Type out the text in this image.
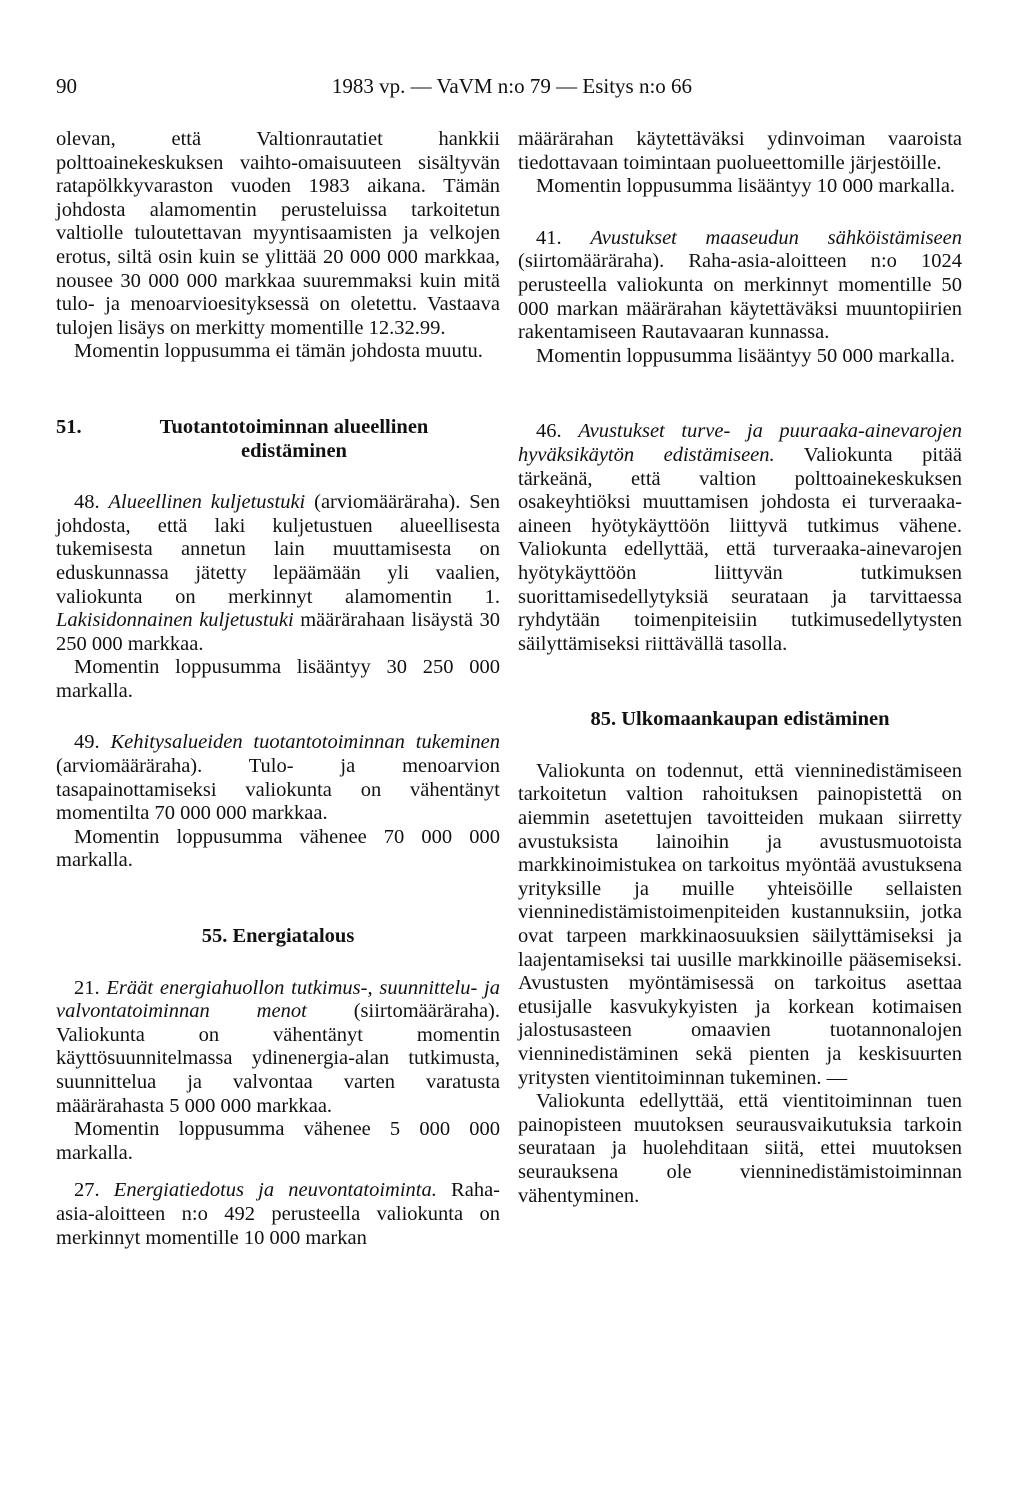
90	1983 vp. — VaVM n:o 79 — Esitys n:o 66

olevan, että Valtionrautatiet hankkii polttoainekeskuksen vaihto-omaisuuteen sisältyvän ratapölkkyvaraston vuoden 1983 aikana. Tämän johdosta alamomentin perusteluissa tarkoitetun valtiolle tuloutettavan myyntisaamisten ja velkojen erotus, siltä osin kuin se ylittää 20 000 000 markkaa, nousee 30 000 000 markkaa suuremmaksi kuin mitä tulo- ja menoarvioesityksessä on oletettu. Vastaava tulojen lisäys on merkitty momentille 12.32.99.

Momentin loppusumma ei tämän johdosta muutu.

51.	Tuotantotoiminnan alueellinen edistäminen

48. Alueellinen kuljetustuki (arviomääräraha). Sen johdosta, että laki kuljetustuen alueellisesta tukemisesta annetun lain muuttamisesta on eduskunnassa jätetty lepäämään yli vaalien, valiokunta on merkinnyt alamomentin 1. Lakisidonnainen kuljetustuki määrärahaan lisäystä 30 250 000 markkaa.

Momentin loppusumma lisääntyy 30 250 000 markalla.

49. Kehitysalueiden tuotantotoiminnan tukeminen (arviomääräraha). Tulo- ja menoarvion tasapainottamiseksi valiokunta on vähentänyt momentilta 70 000 000 markkaa.

Momentin loppusumma vähenee 70 000 000 markalla.

55. Energiatalous

21. Eräät energiahuollon tutkimus-, suunnittelu- ja valvontatoiminnan menot (siirtomääräraha). Valiokunta on vähentänyt momentin käyttösuunnitelmassa ydinenergia-alan tutkimusta, suunnittelua ja valvontaa varten varatusta määrärahasta 5 000 000 markkaa.

Momentin loppusumma vähenee 5 000 000 markalla.

27. Energiatiedotus ja neuvontatoiminta. Raha-asia-aloitteen n:o 492 perusteella valiokunta on merkinnyt momentille 10 000 markan

määrärahan käytettäväksi ydinvoiman vaaroista tiedottavaan toimintaan puolueettomille järjestöille.

Momentin loppusumma lisääntyy 10 000 markalla.

41. Avustukset maaseudun sähköistämiseen (siirtomääräraha). Raha-asia-aloitteen n:o 1024 perusteella valiokunta on merkinnyt momentille 50 000 markan määrärahan käytettäväksi muuntopiirien rakentamiseen Rautavaaran kunnassa.

Momentin loppusumma lisääntyy 50 000 markalla.

46. Avustukset turve- ja puuraaka-ainevarojen hyväksikäytön edistämiseen. Valiokunta pitää tärkeänä, että valtion polttoainekeskuksen osakeyhtiöksi muuttamisen johdosta ei turveraaka-aineen hyötykäyttöön liittyvä tutkimus vähene. Valiokunta edellyttää, että turveraaka-ainevarojen hyötykäyttöön liittyvän tutkimuksen suorittamisedellytyksiä seurataan ja tarvittaessa ryhdytään toimenpiteisiin tutkimusedellytysten säilyttämiseksi riittävällä tasolla.

85. Ulkomaankaupan edistäminen

Valiokunta on todennut, että vienninedistämiseen tarkoitetun valtion rahoituksen painopistettä on aiemmin asetettujen tavoitteiden mukaan siirretty avustuksista lainoihin ja avustusmuotoista markkinoimistukea on tarkoitus myöntää avustuksena yrityksille ja muille yhteisöille sellaisten vienninedistämistoimenpiteiden kustannuksiin, jotka ovat tarpeen markkinaosuuksien säilyttämiseksi ja laajentamiseksi tai uusille markkinoille pääsemiseksi. Avustusten myöntämisessä on tarkoitus asettaa etusijalle kasvukykyisten ja korkean kotimaisen jalostusasteen omaavien tuotannonalojen vienninedistäminen sekä pienten ja keskisuurten yritysten vientitoiminnan tukeminen. —

Valiokunta edellyttää, että vientitoiminnan tuen painopisteen muutoksen seurausvaikutuksia tarkoin seurataan ja huolehditaan siitä, ettei muutoksen seurauksena ole vienninedistämistoiminnan vähentyminen.
